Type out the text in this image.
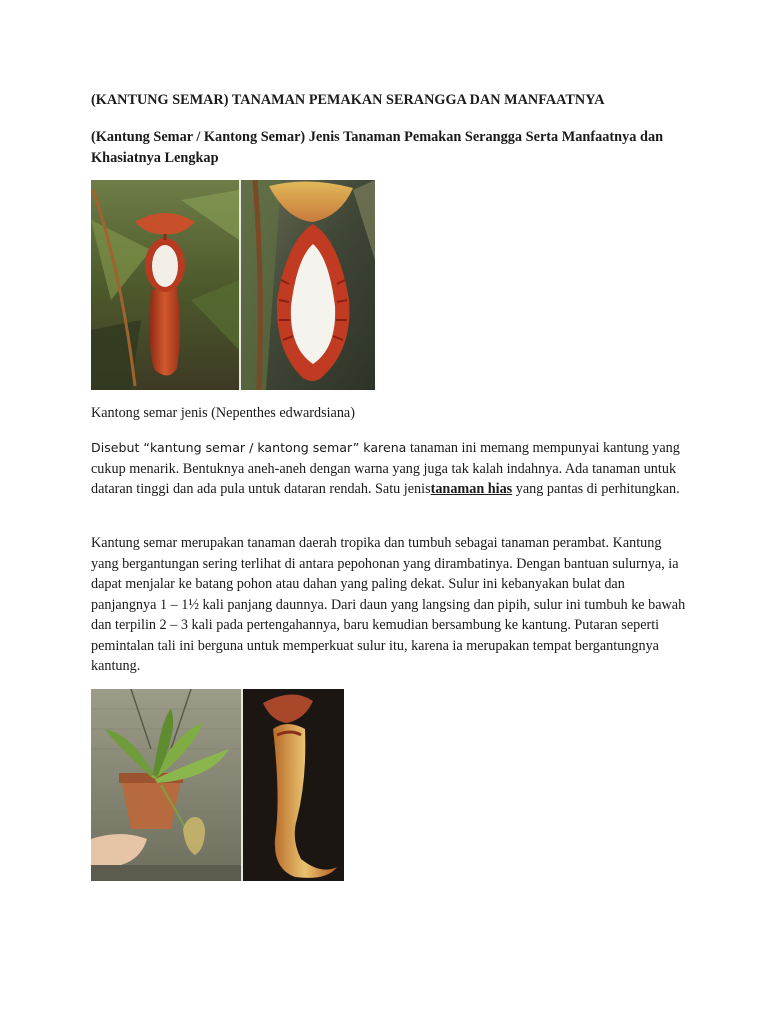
(KANTUNG SEMAR) TANAMAN PEMAKAN SERANGGA DAN MANFAATNYA

(Kantung Semar / Kantong Semar) Jenis Tanaman Pemakan Serangga Serta Manfaatnya dan Khasiatnya Lengkap

Kantong semar jenis (Nepenthes edwardsiana)

Disebut “kantung semar / kantong semar” karena tanaman ini memang mempunyai kantung yang cukup menarik. Bentuknya aneh-aneh dengan warna yang juga tak kalah indahnya. Ada tanaman untuk dataran tinggi dan ada pula untuk dataran rendah. Satu jenistanaman hias yang pantas di perhitungkan.

Kantung semar merupakan tanaman daerah tropika dan tumbuh sebagai tanaman perambat. Kantung yang bergantungan sering terlihat di antara pepohonan yang dirambatinya. Dengan bantuan sulurnya, ia dapat menjalar ke batang pohon atau dahan yang paling dekat. Sulur ini kebanyakan bulat dan panjangnya 1 – 1½ kali panjang daunnya. Dari daun yang langsing dan pipih, sulur ini tumbuh ke bawah dan terpilin 2 – 3 kali pada pertengahannya, baru kemudian bersambung ke kantung. Putaran seperti pemintalan tali ini berguna untuk memperkuat sulur itu, karena ia merupakan tempat bergantungnya kantung.
